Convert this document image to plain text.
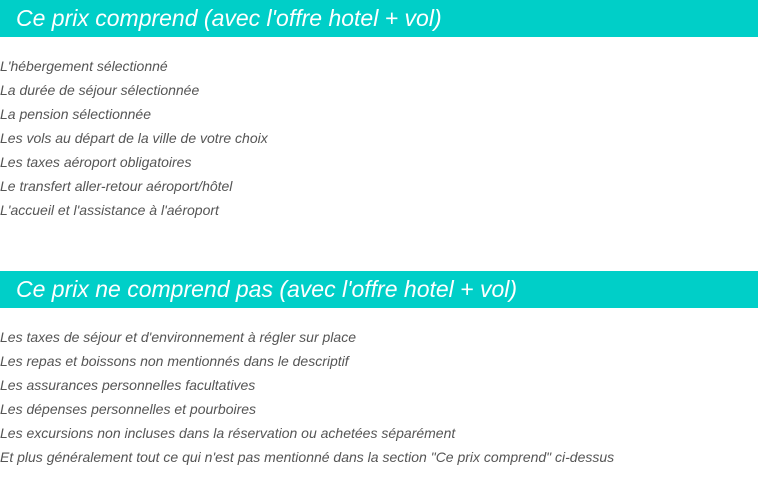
Ce prix comprend (avec l'offre hotel + vol)
L'hébergement sélectionné
La durée de séjour sélectionnée
La pension sélectionnée
Les vols au départ de la ville de votre choix
Les taxes aéroport obligatoires
Le transfert aller-retour aéroport/hôtel
L'accueil et l'assistance à l'aéroport
Ce prix ne comprend pas (avec l'offre hotel + vol)
Les taxes de séjour et d'environnement à régler sur place
Les repas et boissons non mentionnés dans le descriptif
Les assurances personnelles facultatives
Les dépenses personnelles et pourboires
Les excursions non incluses dans la réservation ou achetées séparément
Et plus généralement tout ce qui n'est pas mentionné dans la section "Ce prix comprend" ci-dessus
